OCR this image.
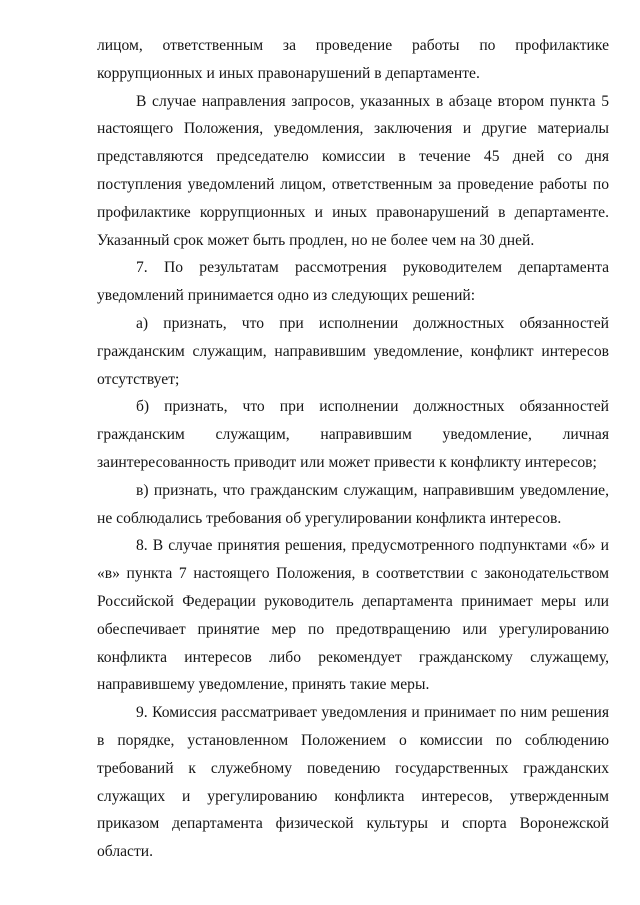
лицом, ответственным за проведение работы по профилактике коррупционных и иных правонарушений в департаменте.

В случае направления запросов, указанных в абзаце втором пункта 5 настоящего Положения, уведомления, заключения и другие материалы представляются председателю комиссии в течение 45 дней со дня поступления уведомлений лицом, ответственным за проведение работы по профилактике коррупционных и иных правонарушений в департаменте. Указанный срок может быть продлен, но не более чем на 30 дней.

7. По результатам рассмотрения руководителем департамента уведомлений принимается одно из следующих решений:

а) признать, что при исполнении должностных обязанностей гражданским служащим, направившим уведомление, конфликт интересов отсутствует;

б) признать, что при исполнении должностных обязанностей гражданским служащим, направившим уведомление, личная заинтересованность приводит или может привести к конфликту интересов;

в) признать, что гражданским служащим, направившим уведомление, не соблюдались требования об урегулировании конфликта интересов.

8. В случае принятия решения, предусмотренного подпунктами «б» и «в» пункта 7 настоящего Положения, в соответствии с законодательством Российской Федерации руководитель департамента принимает меры или обеспечивает принятие мер по предотвращению или урегулированию конфликта интересов либо рекомендует гражданскому служащему, направившему уведомление, принять такие меры.

9. Комиссия рассматривает уведомления и принимает по ним решения в порядке, установленном Положением о комиссии по соблюдению требований к служебному поведению государственных гражданских служащих и урегулированию конфликта интересов, утвержденным приказом департамента физической культуры и спорта Воронежской области.
